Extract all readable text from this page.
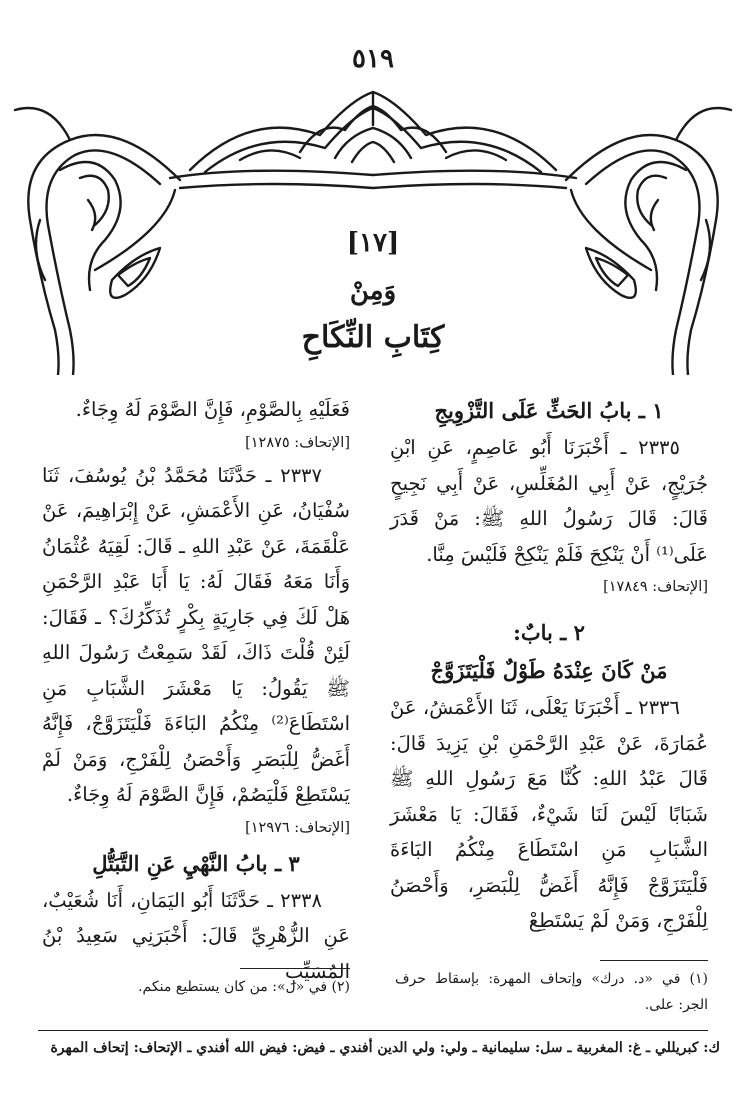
٥١٩
[١٧]
وَمِنْ
كِتَابِ النِّكَاحِ

١ ـ بابُ الحَثِّ عَلَى التَّزْوِيجِ

٢٣٣٥ ـ أَخْبَرَنَا أَبُو عَاصِمٍ، عَنِ ابْنِ جُرَيْجٍ، عَنْ أَبِي المُغَلِّسِ، عَنْ أَبِي نَجِيحٍ قَالَ: قَالَ رَسُولُ اللهِ ﷺ: مَنْ قَدَرَ عَلَى⁽¹⁾ أَنْ يَنْكِحَ فَلَمْ يَنْكِحْ فَلَيْسَ مِنَّا.

[الإتحاف: ١٧٨٤٩]

٢ ـ بابٌ:

مَنْ كَانَ عِنْدَهُ طَوْلٌ فَلْيَتَزَوَّجْ

٢٣٣٦ ـ أَخْبَرَنَا يَعْلَى، ثَنَا الأَعْمَشُ، عَنْ عُمَارَةَ، عَنْ عَبْدِ الرَّحْمَنِ بْنِ يَزِيدَ قَالَ: قَالَ عَبْدُ اللهِ: كُنَّا مَعَ رَسُولِ اللهِ ﷺ شَبَابًا لَيْسَ لَنَا شَيْءٌ، فَقَالَ: يَا مَعْشَرَ الشَّبَابِ مَنِ اسْتَطَاعَ مِنْكُمُ البَاءَةَ فَلْيَتَزَوَّجْ فَإِنَّهُ أَغَضُّ لِلْبَصَرِ، وَأَحْصَنُ لِلْفَرْجِ، وَمَنْ لَمْ يَسْتَطِعْ

(١) في «د. درك» وإتحاف المهرة: بإسقاط حرف الجر: على.

فَعَلَيْهِ بِالصَّوْمِ، فَإِنَّ الصَّوْمَ لَهُ وِجَاءٌ.

[الإتحاف: ١٢٨٧٥]

٢٣٣٧ ـ حَدَّثَنَا مُحَمَّدُ بْنُ يُوسُفَ، ثَنَا سُفْيَانُ، عَنِ الأَعْمَشِ، عَنْ إِبْرَاهِيمَ، عَنْ عَلْقَمَةَ، عَنْ عَبْدِ اللهِ ـ قَالَ: لَقِيَهُ عُثْمَانُ وَأَنَا مَعَهُ فَقَالَ لَهُ: يَا أَبَا عَبْدِ الرَّحْمَنِ هَلْ لَكَ فِي جَارِيَةٍ بِكْرٍ تُذَكِّرُكَ؟ ـ فَقَالَ: لَئِنْ قُلْتَ ذَاكَ، لَقَدْ سَمِعْتُ رَسُولَ اللهِ ﷺ يَقُولُ: يَا مَعْشَرَ الشَّبَابِ مَنِ اسْتَطَاعَ⁽²⁾ مِنْكُمُ البَاءَةَ فَلْيَتَزَوَّجْ، فَإِنَّهُ أَغَضُّ لِلْبَصَرِ وَأَحْصَنُ لِلْفَرْجِ، وَمَنْ لَمْ يَسْتَطِعْ فَلْيَصُمْ، فَإِنَّ الصَّوْمَ لَهُ وِجَاءٌ.

[الإتحاف: ١٢٩٧٦]

٣ ـ بابُ النَّهْيِ عَنِ التَّبَتُّلِ

٢٣٣٨ ـ حَدَّثَنَا أَبُو اليَمَانِ، أَنَا شُعَيْبٌ، عَنِ الزُّهْرِيِّ قَالَ: أَخْبَرَنِي سَعِيدُ بْنُ المُسَيِّبِ

(٢) في «ل»: من كان يستطيع منكم.
ك: كبريللي ـ غ: المغربية ـ سل: سليمانية ـ ولي: ولي الدين أفندي ـ فيض: فيض الله أفندي ـ الإتحاف: إتحاف المهرة
